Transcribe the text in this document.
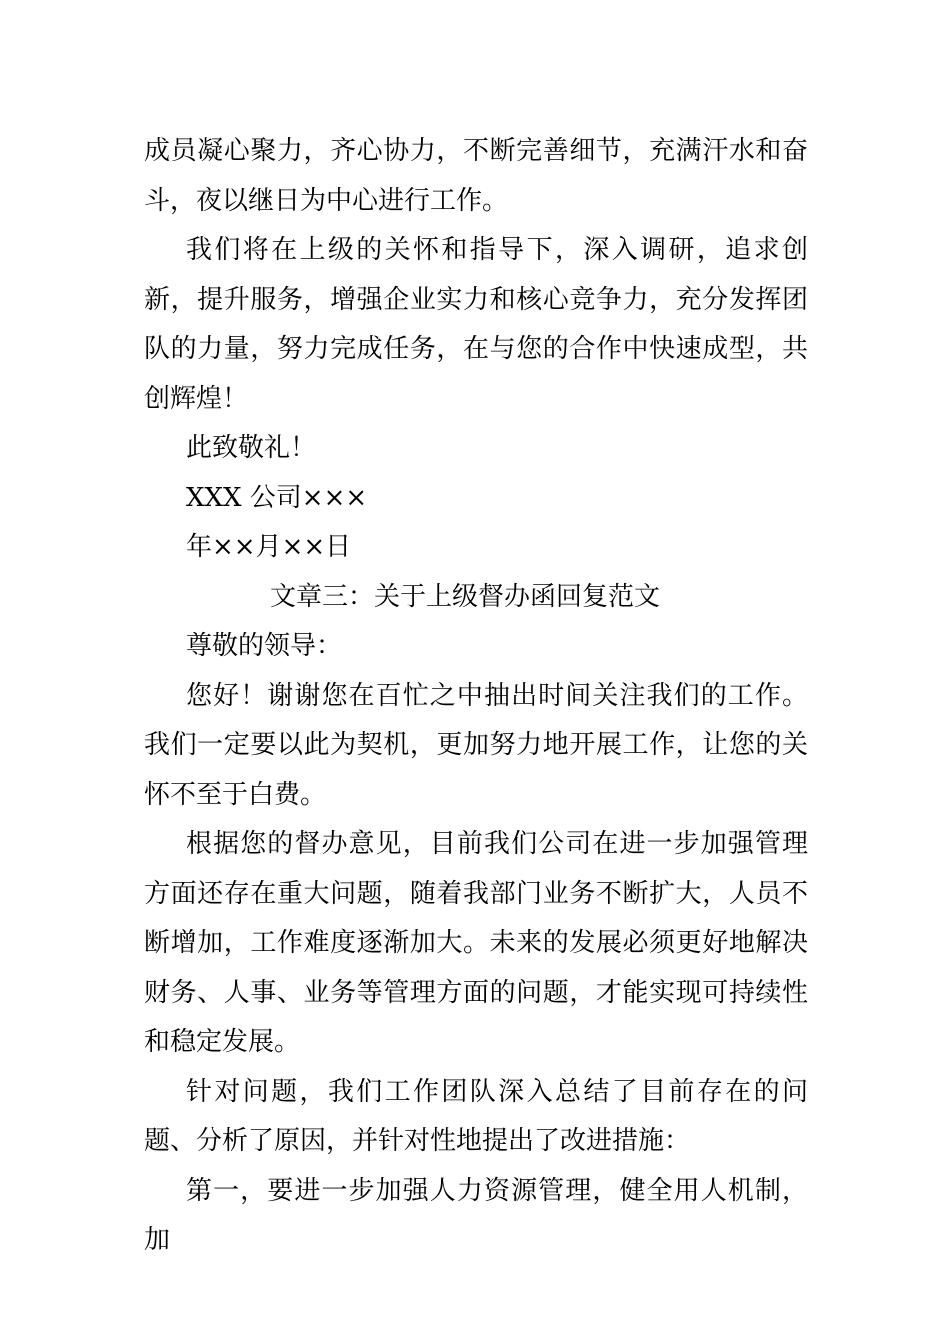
成员凝心聚力，齐心协力，不断完善细节，充满汗水和奋斗，夜以继日为中心进行工作。

我们将在上级的关怀和指导下，深入调研，追求创新，提升服务，增强企业实力和核心竞争力，充分发挥团队的力量，努力完成任务，在与您的合作中快速成型，共创辉煌！

此致敬礼！

XXX 公司×××

年××月××日

文章三：关于上级督办函回复范文

尊敬的领导：

您好！谢谢您在百忙之中抽出时间关注我们的工作。我们一定要以此为契机，更加努力地开展工作，让您的关怀不至于白费。

根据您的督办意见，目前我们公司在进一步加强管理方面还存在重大问题，随着我部门业务不断扩大，人员不断增加，工作难度逐渐加大。未来的发展必须更好地解决财务、人事、业务等管理方面的问题，才能实现可持续性和稳定发展。

针对问题，我们工作团队深入总结了目前存在的问题、分析了原因，并针对性地提出了改进措施：

第一，要进一步加强人力资源管理，健全用人机制，加
